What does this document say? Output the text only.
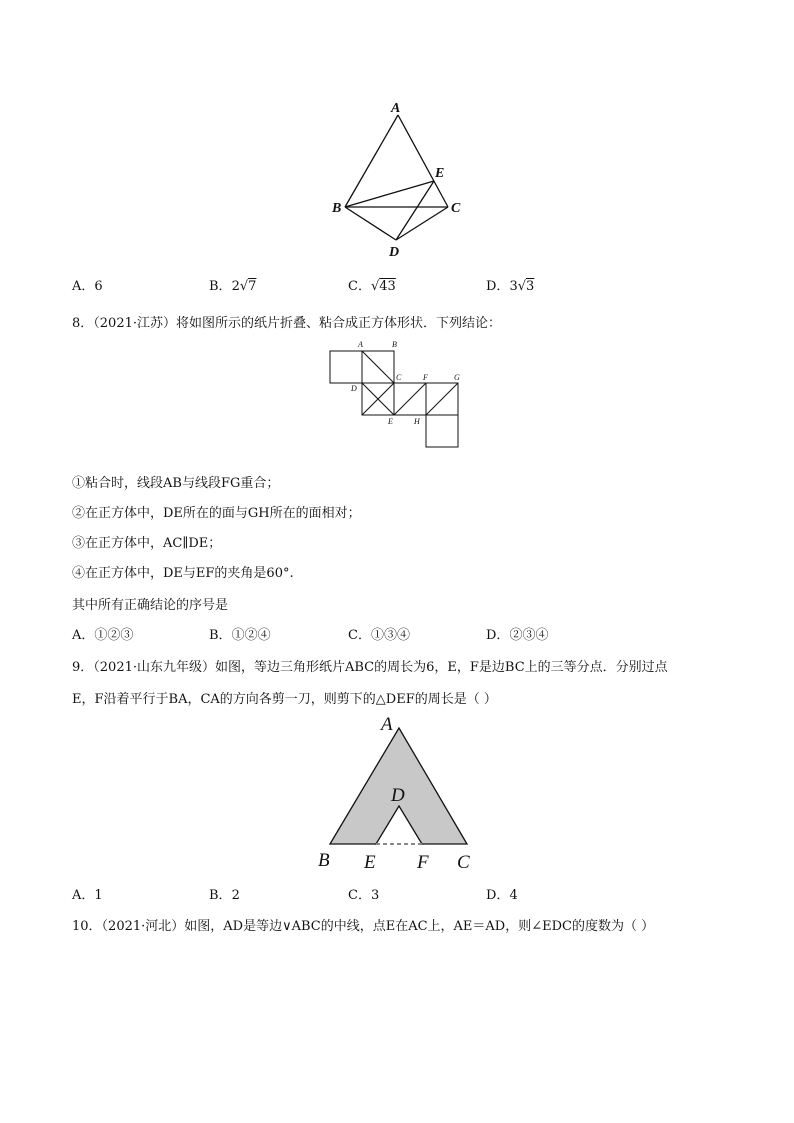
A
B	C
D
E
A．6	B．2√7	C．√43	D．3√3
8．（2021·江苏）将如图所示的纸片折叠、粘合成正方体形状．下列结论：
A	B
C
D
E
F	G
H
①粘合时，线段AB与线段FG重合；
②在正方体中，DE所在的面与GH所在的面相对；
③在正方体中，AC∥DE；
④在正方体中，DE与EF的夹角是60°.
其中所有正确结论的序号是
A．①②③	B．①②④	C．①③④	D．②③④
9．（2021·山东九年级）如图，等边三角形纸片ABC的周长为6，E，F是边BC上的三等分点．分别过点
E，F沿着平行于BA，CA的方向各剪一刀，则剪下的△DEF的周长是（ ）
A
D
B E F C
A．1	B．2	C．3	D．4
10．（2021·河北）如图，AD是等边∨ABC的中线，点E在AC上，AE＝AD，则∠EDC的度数为（ ）
